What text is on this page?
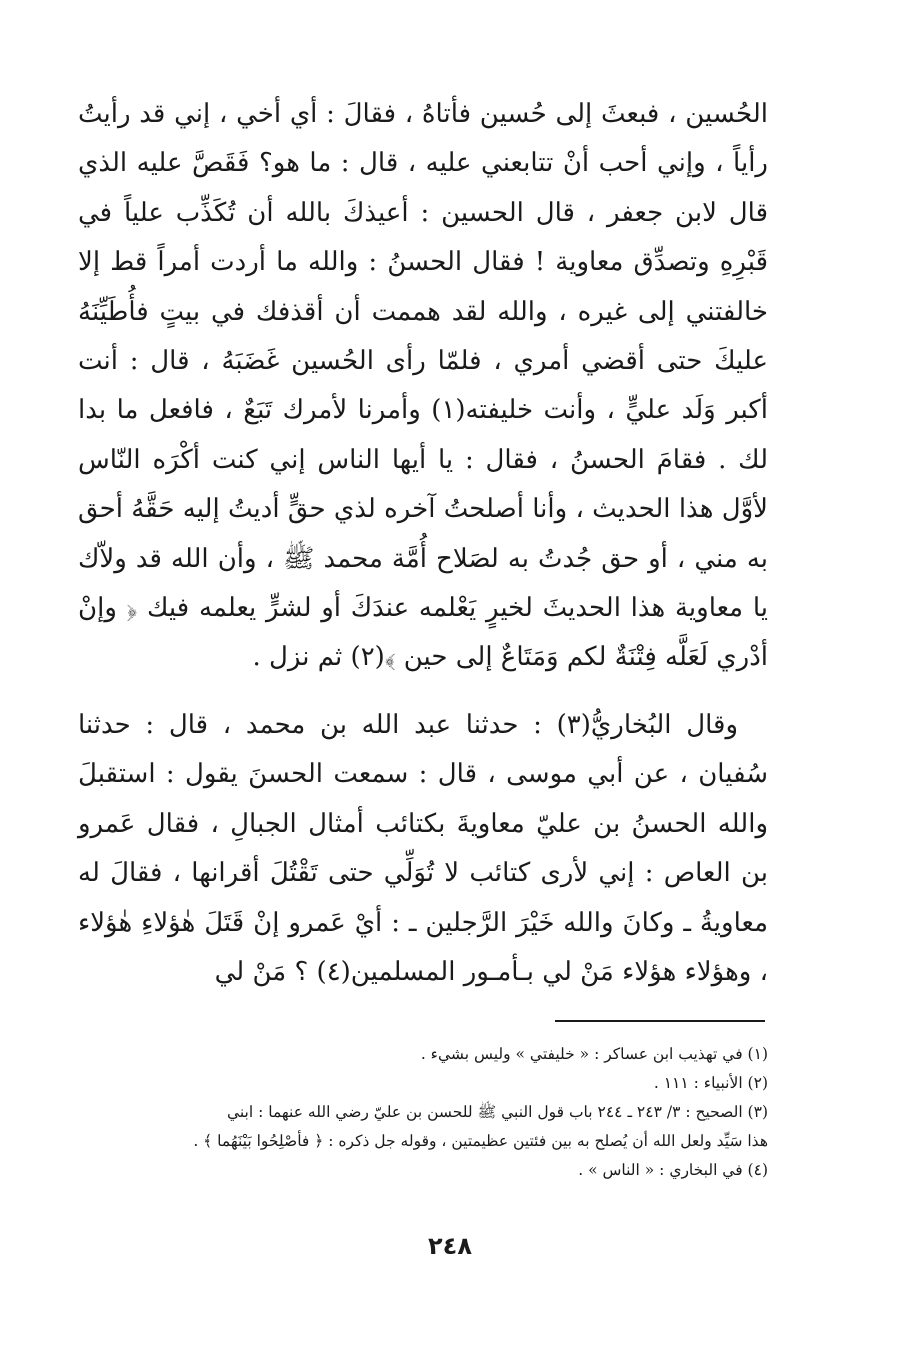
الحُسين ، فبعثَ إلى حُسين فأتاهُ ، فقالَ : أي أخي ، إني قد رأيتُ رأياً ، وإني أحب أنْ تتابعني عليه ، قال : ما هو؟ فَقَصَّ عليه الذي قال لابن جعفر ، قال الحسين : أعيذكَ بالله أن تُكَذِّب علياً في قَبْرِهِ وتصدِّق معاوية ! فقال الحسنُ : والله ما أردت أمراً قط إلا خالفتني إلى غيره ، والله لقد هممت أن أقذفك في بيتٍ فأُطَيِّنَهُ عليكَ حتى أقضي أمري ، فلمّا رأى الحُسين غَضَبَهُ ، قال : أنت أكبر وَلَد عليٍّ ، وأنت خليفته(١) وأمرنا لأمرك تَبَعٌ ، فافعل ما بدا لك . فقامَ الحسنُ ، فقال : يا أيها الناس إني كنت أكْرَه النّاس لأوَّل هذا الحديث ، وأنا أصلحتُ آخره لذي حقٍّ أديتُ إليه حَقَّهُ أحق به مني ، أو حق جُدتُ به لصَلاح أُمَّة محمد ﷺ ، وأن الله قد ولاّك يا معاوية هذا الحديثَ لخيرٍ يَعْلمه عندَكَ أو لشرٍّ يعلمه فيك ﴿ وإنْ أدْري لَعَلَّه فِتْنَةٌ لكم وَمَتَاعٌ إلى حين ﴾(٢) ثم نزل .

وقال البُخاريُّ(٣) : حدثنا عبد الله بن محمد ، قال : حدثنا سُفيان ، عن أبي موسى ، قال : سمعت الحسنَ يقول : استقبلَ والله الحسنُ بن عليّ معاويةَ بكتائب أمثال الجبالِ ، فقال عَمرو بن العاص : إني لأرى كتائب لا تُوَلِّي حتى تَقْتُلَ أقرانها ، فقالَ له معاويةُ ـ وكانَ والله خَيْرَ الرَّجلين ـ : أيْ عَمرو إنْ قَتَلَ هٰؤلاءِ هٰؤلاء ، وهؤلاء هؤلاء مَنْ لي بـأمـور المسلمين(٤) ؟ مَنْ لي

(١) في تهذيب ابن عساكر : « خليفتي » وليس بشيء .

(٢) الأنبياء : ١١١ .

(٣) الصحيح : ٣/ ٢٤٣ ـ ٢٤٤ باب قول النبي ﷺ للحسن بن عليّ رضي الله عنهما : ابني

هذا سَيِّد ولعل الله أن يُصلح به بين فئتين عظيمتين ، وقوله جل ذكره : ﴿ فأصْلِحُوا بَيْنَهُما ﴾ .

(٤) في البخاري : « الناس » .

٢٤٨
